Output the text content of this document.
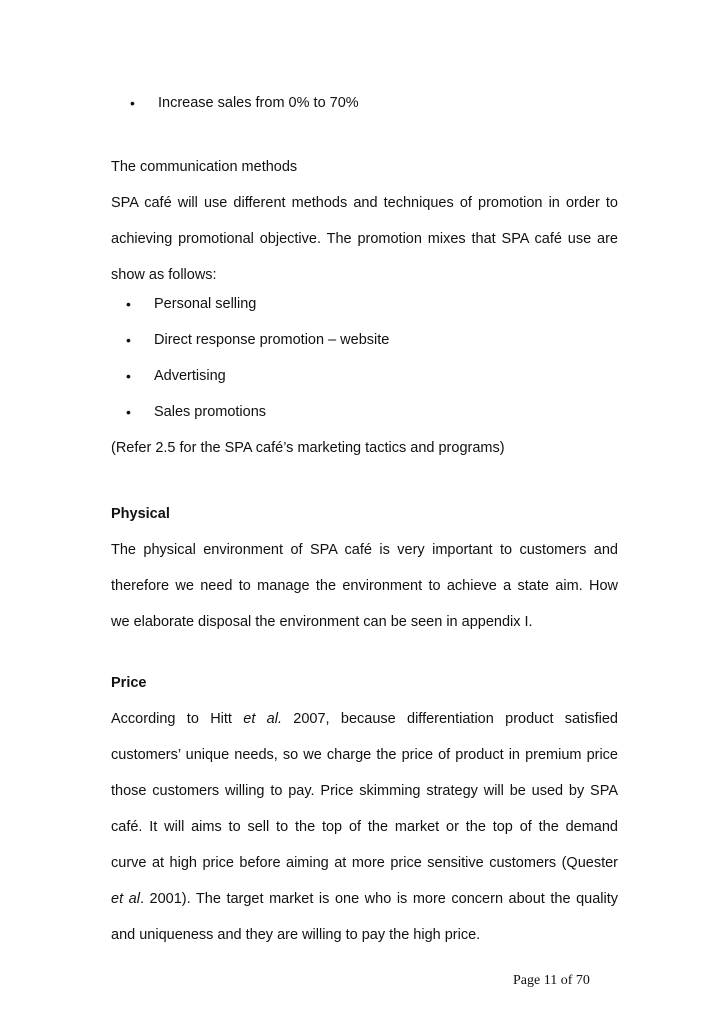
• Increase sales from 0% to 70%
The communication methods
SPA café will use different methods and techniques of promotion in order to
achieving promotional objective. The promotion mixes that SPA café use are
show as follows:
• Personal selling
• Direct response promotion – website
• Advertising
• Sales promotions
(Refer 2.5 for the SPA café’s marketing tactics and programs)
Physical
The physical environment of SPA café is very important to customers and
therefore we need to manage the environment to achieve a state aim. How
we elaborate disposal the environment can be seen in appendix I.
Price
According to Hitt et al. 2007, because differentiation product satisfied
customers’ unique needs, so we charge the price of product in premium price
those customers willing to pay. Price skimming strategy will be used by SPA
café. It will aims to sell to the top of the market or the top of the demand
curve at high price before aiming at more price sensitive customers (Quester
et al. 2001). The target market is one who is more concern about the quality
and uniqueness and they are willing to pay the high price.
Page 11 of 70
